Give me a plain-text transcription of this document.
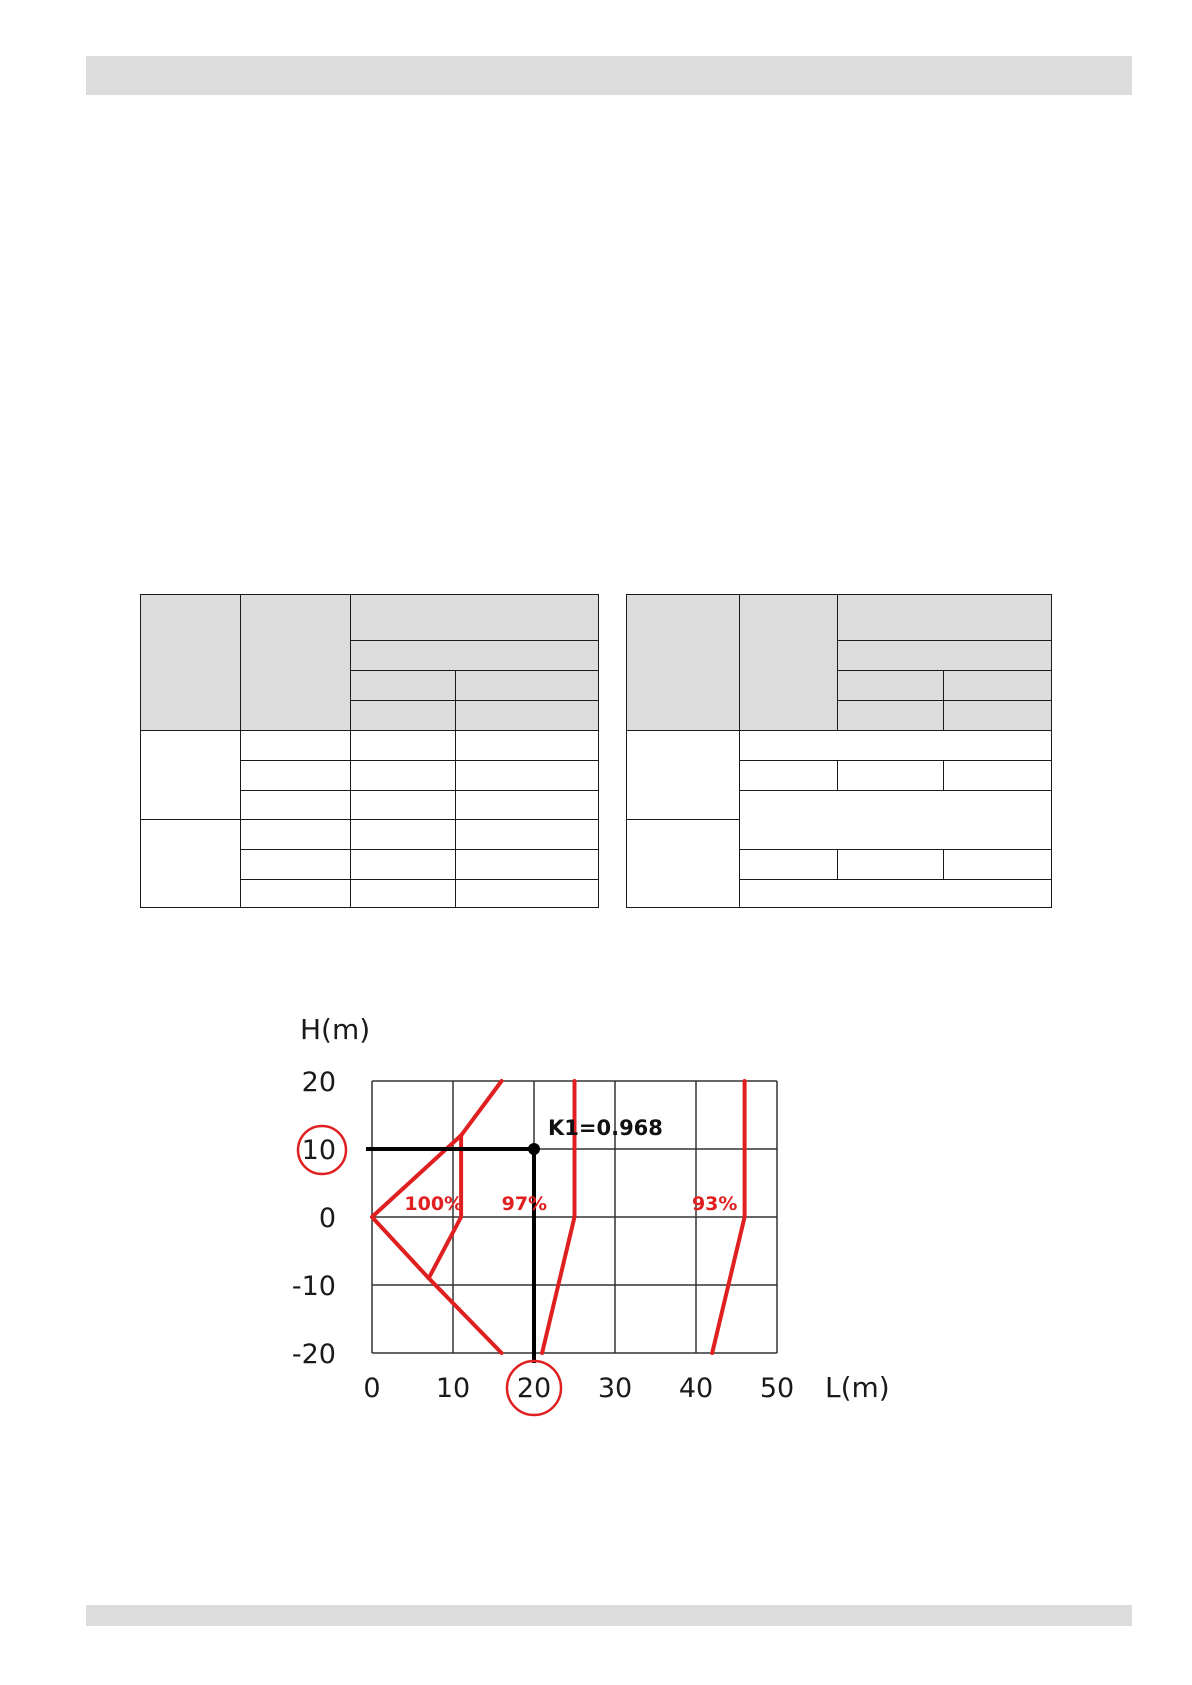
0 10 20 30 40 50
20
10
0
-10
-20
L(m)
H(m)
100% 97%	93%
K1=0.968
